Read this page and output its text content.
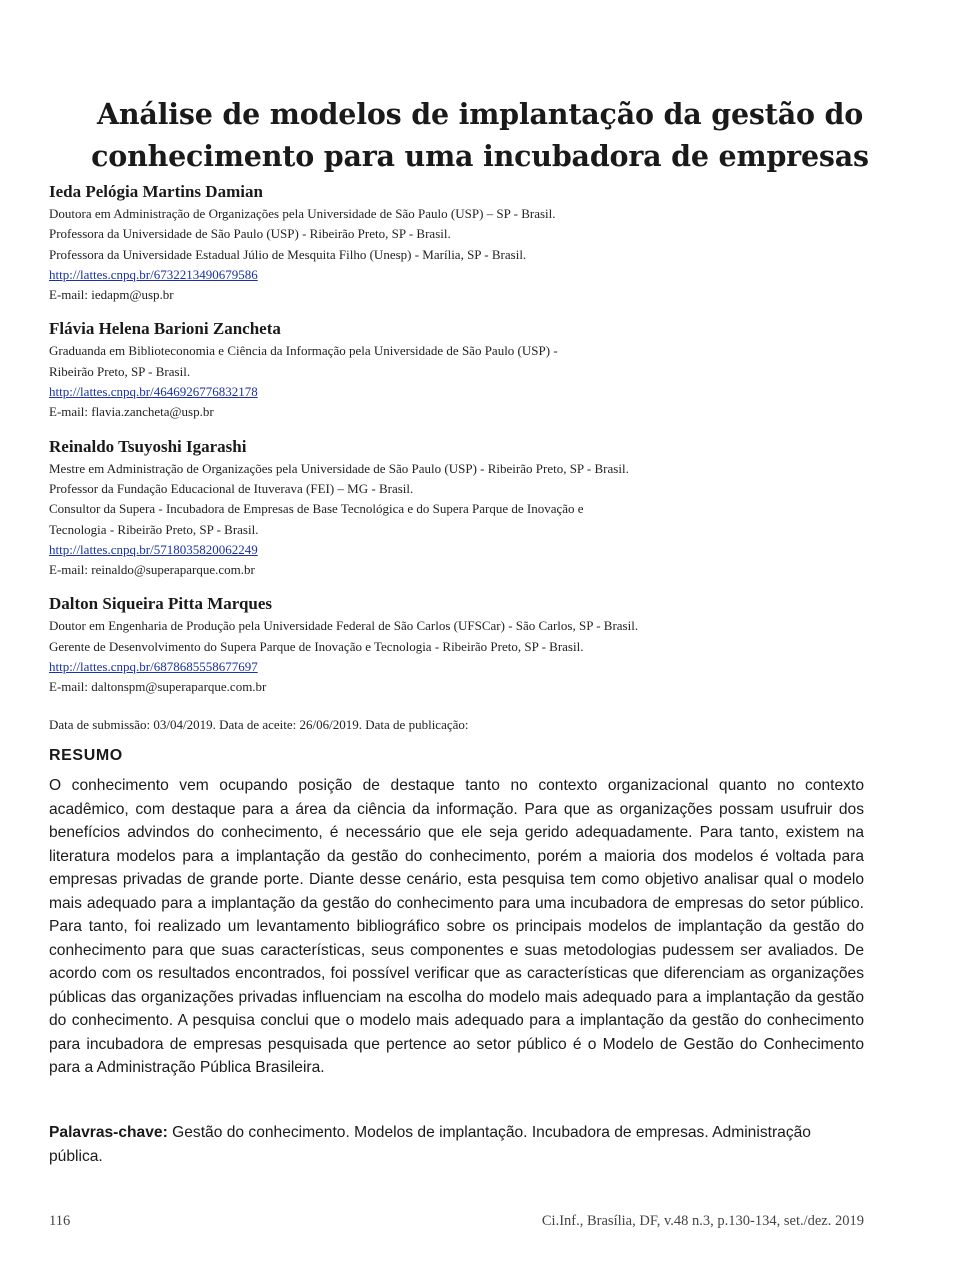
Análise de modelos de implantação da gestão do conhecimento para uma incubadora de empresas

Ieda Pelógia Martins Damian

Doutora em Administração de Organizações pela Universidade de São Paulo (USP) – SP - Brasil.

Professora da Universidade de São Paulo (USP) - Ribeirão Preto, SP - Brasil.

Professora da Universidade Estadual Júlio de Mesquita Filho (Unesp) - Marília, SP - Brasil.

http://lattes.cnpq.br/6732213490679586

E-mail: iedapm@usp.br

Flávia Helena Barioni Zancheta

Graduanda em Biblioteconomia e Ciência da Informação pela Universidade de São Paulo (USP) -

Ribeirão Preto, SP - Brasil.

http://lattes.cnpq.br/4646926776832178

E-mail: flavia.zancheta@usp.br

Reinaldo Tsuyoshi Igarashi

Mestre em Administração de Organizações pela Universidade de São Paulo (USP) - Ribeirão Preto, SP - Brasil.

Professor da Fundação Educacional de Ituverava (FEI) – MG - Brasil.

Consultor da Supera - Incubadora de Empresas de Base Tecnológica e do Supera Parque de Inovação e

Tecnologia - Ribeirão Preto, SP - Brasil.

http://lattes.cnpq.br/5718035820062249

E-mail: reinaldo@superaparque.com.br

Dalton Siqueira Pitta Marques

Doutor em Engenharia de Produção pela Universidade Federal de São Carlos (UFSCar) - São Carlos, SP - Brasil.

Gerente de Desenvolvimento do Supera Parque de Inovação e Tecnologia - Ribeirão Preto, SP - Brasil.

http://lattes.cnpq.br/6878685558677697

E-mail: daltonspm@superaparque.com.br

Data de submissão: 03/04/2019. Data de aceite: 26/06/2019. Data de publicação:

RESUMO

O conhecimento vem ocupando posição de destaque tanto no contexto organizacional quanto no contexto acadêmico, com destaque para a área da ciência da informação. Para que as organizações possam usufruir dos benefícios advindos do conhecimento, é necessário que ele seja gerido adequadamente. Para tanto, existem na literatura modelos para a implantação da gestão do conhecimento, porém a maioria dos modelos é voltada para empresas privadas de grande porte. Diante desse cenário, esta pesquisa tem como objetivo analisar qual o modelo mais adequado para a implantação da gestão do conhecimento para uma incubadora de empresas do setor público. Para tanto, foi realizado um levantamento bibliográfico sobre os principais modelos de implantação da gestão do conhecimento para que suas características, seus componentes e suas metodologias pudessem ser avaliados. De acordo com os resultados encontrados, foi possível verificar que as características que diferenciam as organizações públicas das organizações privadas influenciam na escolha do modelo mais adequado para a implantação da gestão do conhecimento. A pesquisa conclui que o modelo mais adequado para a implantação da gestão do conhecimento para incubadora de empresas pesquisada que pertence ao setor público é o Modelo de Gestão do Conhecimento para a Administração Pública Brasileira.

Palavras-chave: Gestão do conhecimento. Modelos de implantação. Incubadora de empresas. Administração pública.

116	Ci.Inf., Brasília, DF, v.48 n.3, p.130-134, set./dez. 2019
